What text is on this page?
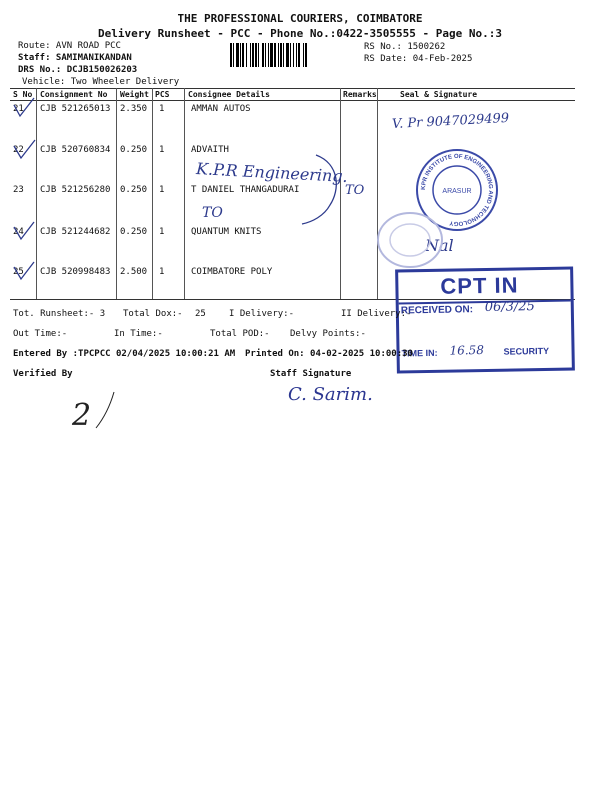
THE PROFESSIONAL COURIERS, COIMBATORE
Delivery Runsheet - PCC - Phone No.:0422-3505555 - Page No.:3
Route: AVN ROAD PCC
Staff: SAMIMANIKANDAN
DRS No.: DCJB150026203
Vehicle: Two Wheeler Delivery
RS No.: 1500262
RS Date: 04-Feb-2025
S No Consignment No Weight PCS Consignee Details	Remarks	Seal & Signature
21 CJB 521265013 2.350 1	AMMAN AUTOS
22 CJB 520760834 0.250 1	ADVAITH
23 CJB 521256280 0.250 1	T DANIEL THANGADURAI
24 CJB 521244682 0.250 1	QUANTUM KNITS
25 CJB 520998483 2.500 1	COIMBATORE POLY
V. Pr 9047029499
K.P.R Engineering.
TO
TO
Nal
KPR INSTITUTE OF ENGINEERING AND TECHNOLOGY
ARASUR
CPT IN
RECEIVED ON: 06/3/25
TIME IN: 16.58 SECURITY
Tot. Runsheet:- 3 Total Dox:- 25	I Delivery:-	II Delivery:-
Out Time:-	In Time:-	Total POD:- Delvy Points:-
Entered By :TPCPCC 02/04/2025 10:00:21 AM Printed On: 04-02-2025 10:00:30
Verified By	Staff Signature
C. Sarim.
2
